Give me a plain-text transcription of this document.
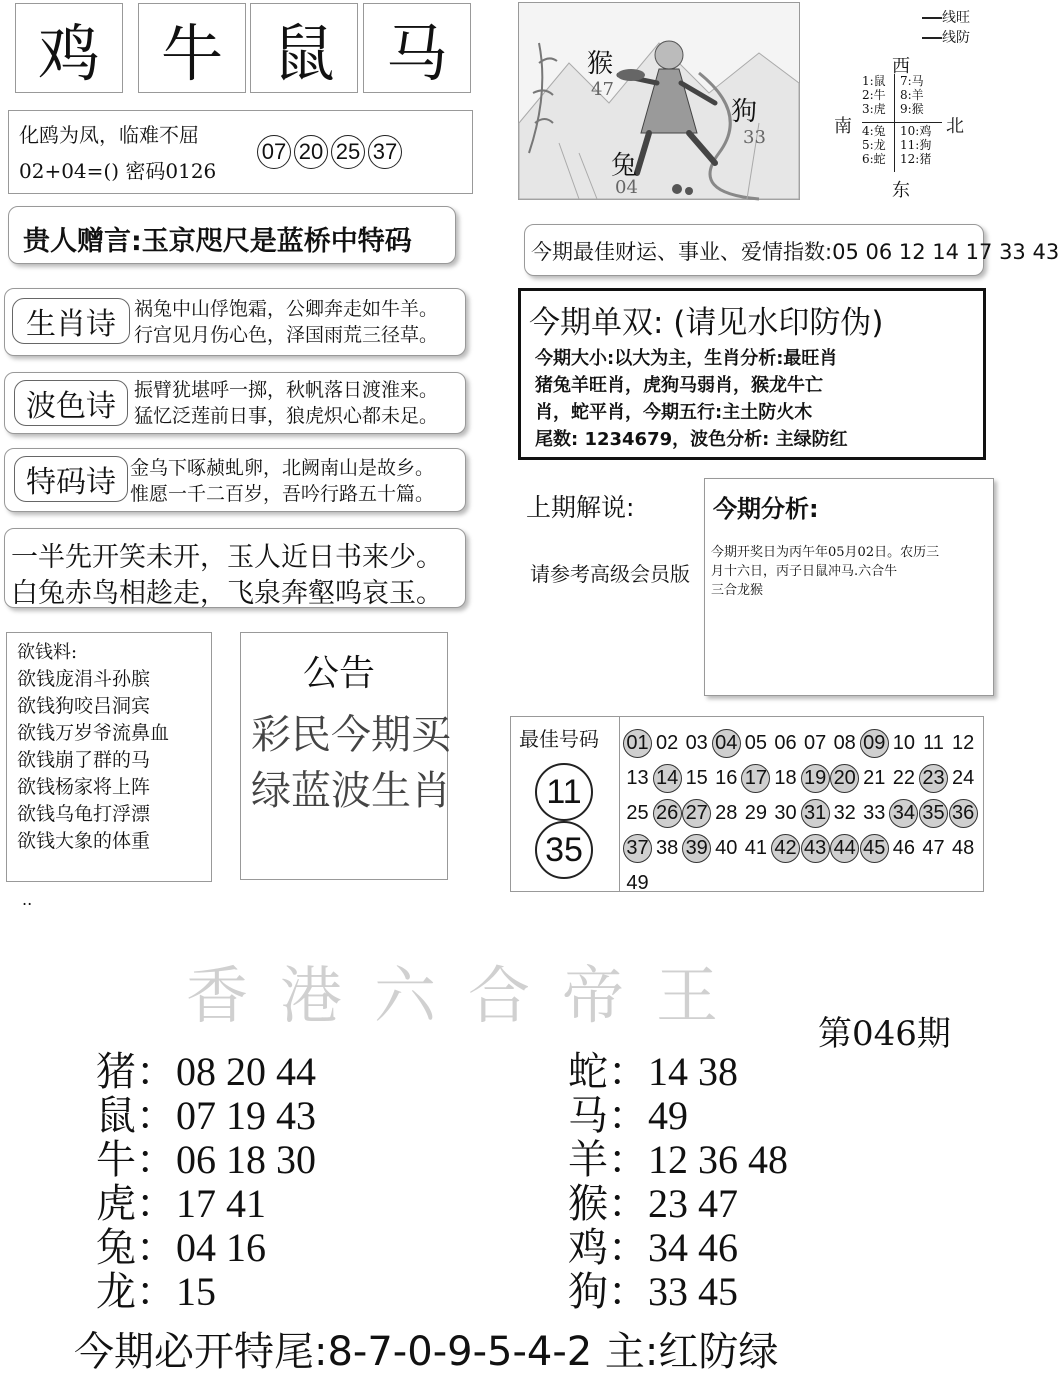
鸡 牛 鼠 马
化鸥为凤，临难不屈
02+04=() 密码0126
07 20 25 37
贵人赠言:玉京咫尺是蓝桥中特码
生肖诗 祸兔中山俘饱霜，公卿奔走如牛羊。
行宫见月伤心色，泽国雨荒三径草。
波色诗 振臂犹堪呼一掷，秋帆落日渡淮来。
猛忆泛莲前日事，狼虎炽心都未足。
特码诗 金乌下啄赪虬卵，北阙南山是故乡。
惟愿一千二百岁，吾吟行路五十篇。
一半先开笑未开，玉人近日书来少。
白兔赤鸟相趁走，飞泉奔壑呜哀玉。
欲钱料:
欲钱庞涓斗孙膑
欲钱狗咬吕洞宾
欲钱万岁爷流鼻血
欲钱崩了群的马
欲钱杨家将上阵
欲钱乌龟打浮漂
欲钱大象的体重
公告
彩民今期买
绿蓝波生肖
猴
47
狗
33
兔
04
线旺
线防
西
南	北
东
1:鼠
2:牛
3:虎
4:兔
5:龙
6:蛇
7:马
8:羊
9:猴
10:鸡
11:狗
12:猪
今期最佳财运、事业、爱情指数:05 06 12 14 17 33 43
今期单双: (请见水印防伪)
今期大小:以大为主，生肖分析:最旺肖
猪兔羊旺肖，虎狗马弱肖，猴龙牛亡
肖，蛇平肖，今期五行:主土防火木
尾数: 1234679，波色分析: 主绿防红
上期解说:
请参考高级会员版
今期分析:
今期开奖日为丙午年05月02日。农历三
月十六日，丙子日鼠冲马.六合牛
三合龙猴
最佳号码
11
35
01 02 03 04 05 06 07 08 09 10 11 12
13 14 15 16 17 18 19 20 21 22 23 24
25 26 27 28 29 30 31 32 33 34 35 36
37 38 39 40 41 42 43 44 45 46 47 48
49
..
香港六合帝王
第046期
猪：08 20 44
鼠：07 19 43
牛：06 18 30
虎：17 41
兔：04 16
龙：15
蛇：14 38
马：49
羊：12 36 48
猴：23 47
鸡：34 46
狗：33 45
今期必开特尾:8-7-0-9-5-4-2 主:红防绿
